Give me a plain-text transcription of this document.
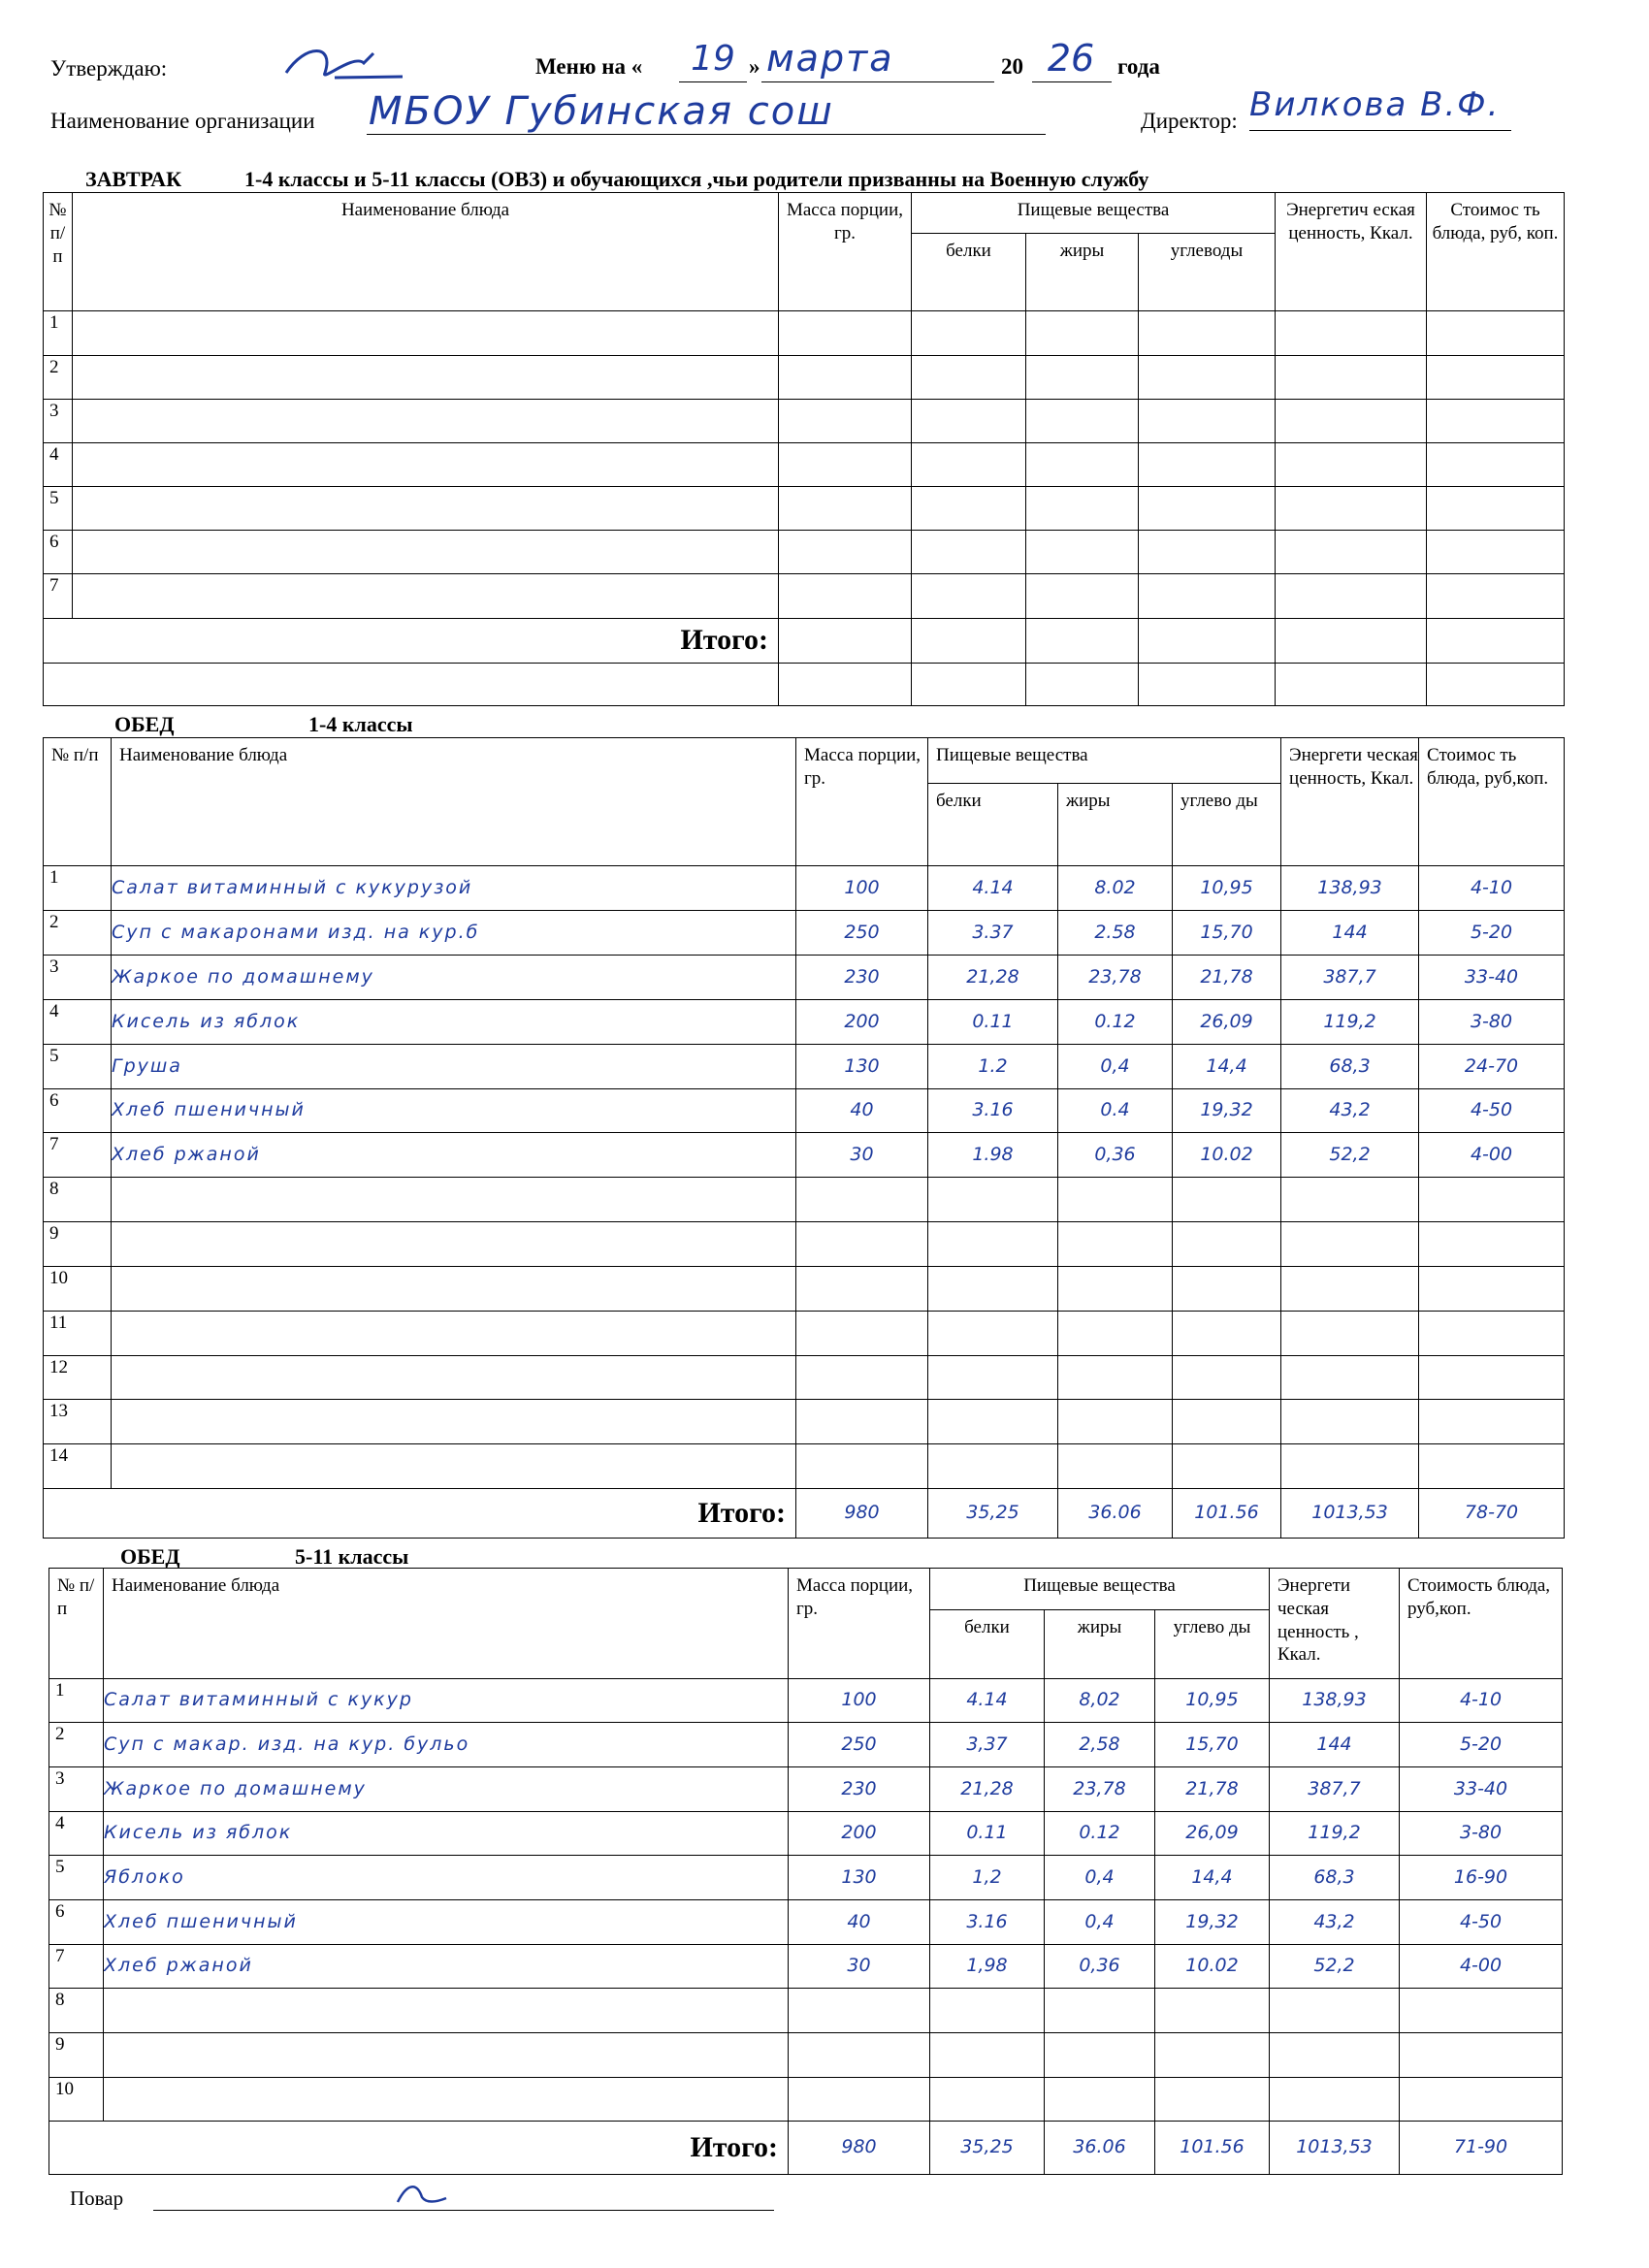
Утверждаю:	Меню на «	19 » марта	20 26	года
Наименование организации МБОУ Губинская сош	Директор: Вилкова В.Ф.
ЗАВТРАК	1-4 классы и 5-11 классы (ОВЗ) и обучающихся ,чьи родители призванны на Военную службу
№ п/ п	Наименование блюда	Масса порции, гр.	Пищевые вещества			Энергетич еская ценность, Ккал.	Стоимос ть блюда, руб, коп.
			белки	жиры	углеводы		
1							
2							
3							
4							
5							
6							
7							
Итого:							

ОБЕД	1-4 классы
№ п/п	Наименование блюда	Масса порции, гр.	Пищевые вещества			Энергети ческая ценность, Ккал.	Стоимос ть блюда, руб,коп.
			белки	жиры	углево ды		
1	Салат витаминный с кукурузой	100	4.14	8.02	10,95	138,93	4-10
2	Суп с макаронами изд. на кур.б	250	3.37	2.58	15,70	144	5-20
3	Жаркое по домашнему	230	21,28	23,78	21,78	387,7	33-40
4	Кисель из яблок	200	0.11	0.12	26,09	119,2	3-80
5	Груша	130	1.2	0,4	14,4	68,3	24-70
6	Хлеб пшеничный	40	3.16	0.4	19,32	43,2	4-50
7	Хлеб ржаной	30	1.98	0,36	10.02	52,2	4-00
8							
9							
10							
11							
12							
13							
14							
Итого:		980	35,25	36.06	101.56	1013,53	78-70
ОБЕД	5-11 классы
№ п/ п	Наименование блюда	Масса порции, гр.	Пищевые вещества			Энергети ческая ценность , Ккал.	Стоимость блюда, руб,коп.
			белки	жиры	углево ды		
1	Салат витаминный с кукур	100	4.14	8,02	10,95	138,93	4-10
2	Суп с макар. изд. на кур. бульо	250	3,37	2,58	15,70	144	5-20
3	Жаркое по домашнему	230	21,28	23,78	21,78	387,7	33-40
4	Кисель из яблок	200	0.11	0.12	26,09	119,2	3-80
5	Яблоко	130	1,2	0,4	14,4	68,3	16-90
6	Хлеб пшеничный	40	3.16	0,4	19,32	43,2	4-50
7	Хлеб ржаной	30	1,98	0,36	10.02	52,2	4-00
8							
9							
10							
Итого:		980	35,25	36.06	101.56	1013,53	71-90
Повар
